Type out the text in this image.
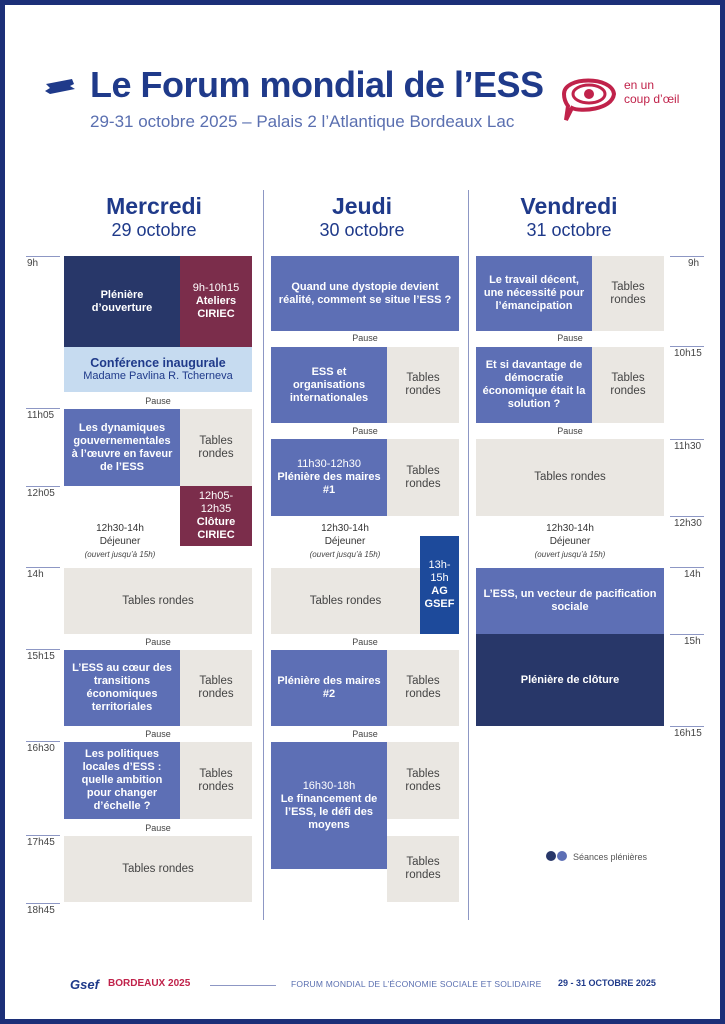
Le Forum mondial de l’ESS
29-31 octobre 2025 – Palais 2 l’Atlantique Bordeaux Lac
en un
coup d’œil
Mercredi
29 octobre
Jeudi
30 octobre
Vendredi
31 octobre
9h
11h05
12h05
14h
15h15
16h30
17h45
18h45
9h
10h15
11h30
12h30
14h
15h
16h15
Plénière d’ouverture
9h-10h15
Ateliers CIRIEC
Conférence inaugurale
Madame Pavlina R. Tcherneva
Pause
Les dynamiques gouvernementales à l’œuvre en faveur de l’ESS
Tables rondes
12h05-12h35
Clôture CIRIEC
12h30-14h
Déjeuner
(ouvert jusqu’à 15h)
Tables rondes
Pause
L’ESS au cœur des transitions économiques territoriales
Tables rondes
Pause
Les politiques locales d’ESS : quelle ambition pour changer d’échelle ?
Tables rondes
Pause
Tables rondes
Quand une dystopie devient réalité, comment se situe l’ESS ?
Pause
ESS et organisations internationales
Tables rondes
Pause
11h30-12h30
Plénière des maires #1
Tables rondes
12h30-14h
Déjeuner
(ouvert jusqu’à 15h)
13h-
15h
AG GSEF
Tables rondes
Pause
Plénière des maires #2
Tables rondes
Pause
16h30-18h
Le financement de l’ESS, le défi des moyens
Tables rondes
Tables rondes
Le travail décent, une nécessité pour l’émancipation
Tables rondes
Pause
Et si davantage de démocratie économique était la solution ?
Tables rondes
Pause
Tables rondes
12h30-14h
Déjeuner
(ouvert jusqu’à 15h)
L’ESS, un vecteur de pacification sociale
Plénière de clôture
Séances plénières
Gsef BORDEAUX 2025	FORUM MONDIAL DE L’ÉCONOMIE SOCIALE ET SOLIDAIRE 29 - 31 OCTOBRE 2025
